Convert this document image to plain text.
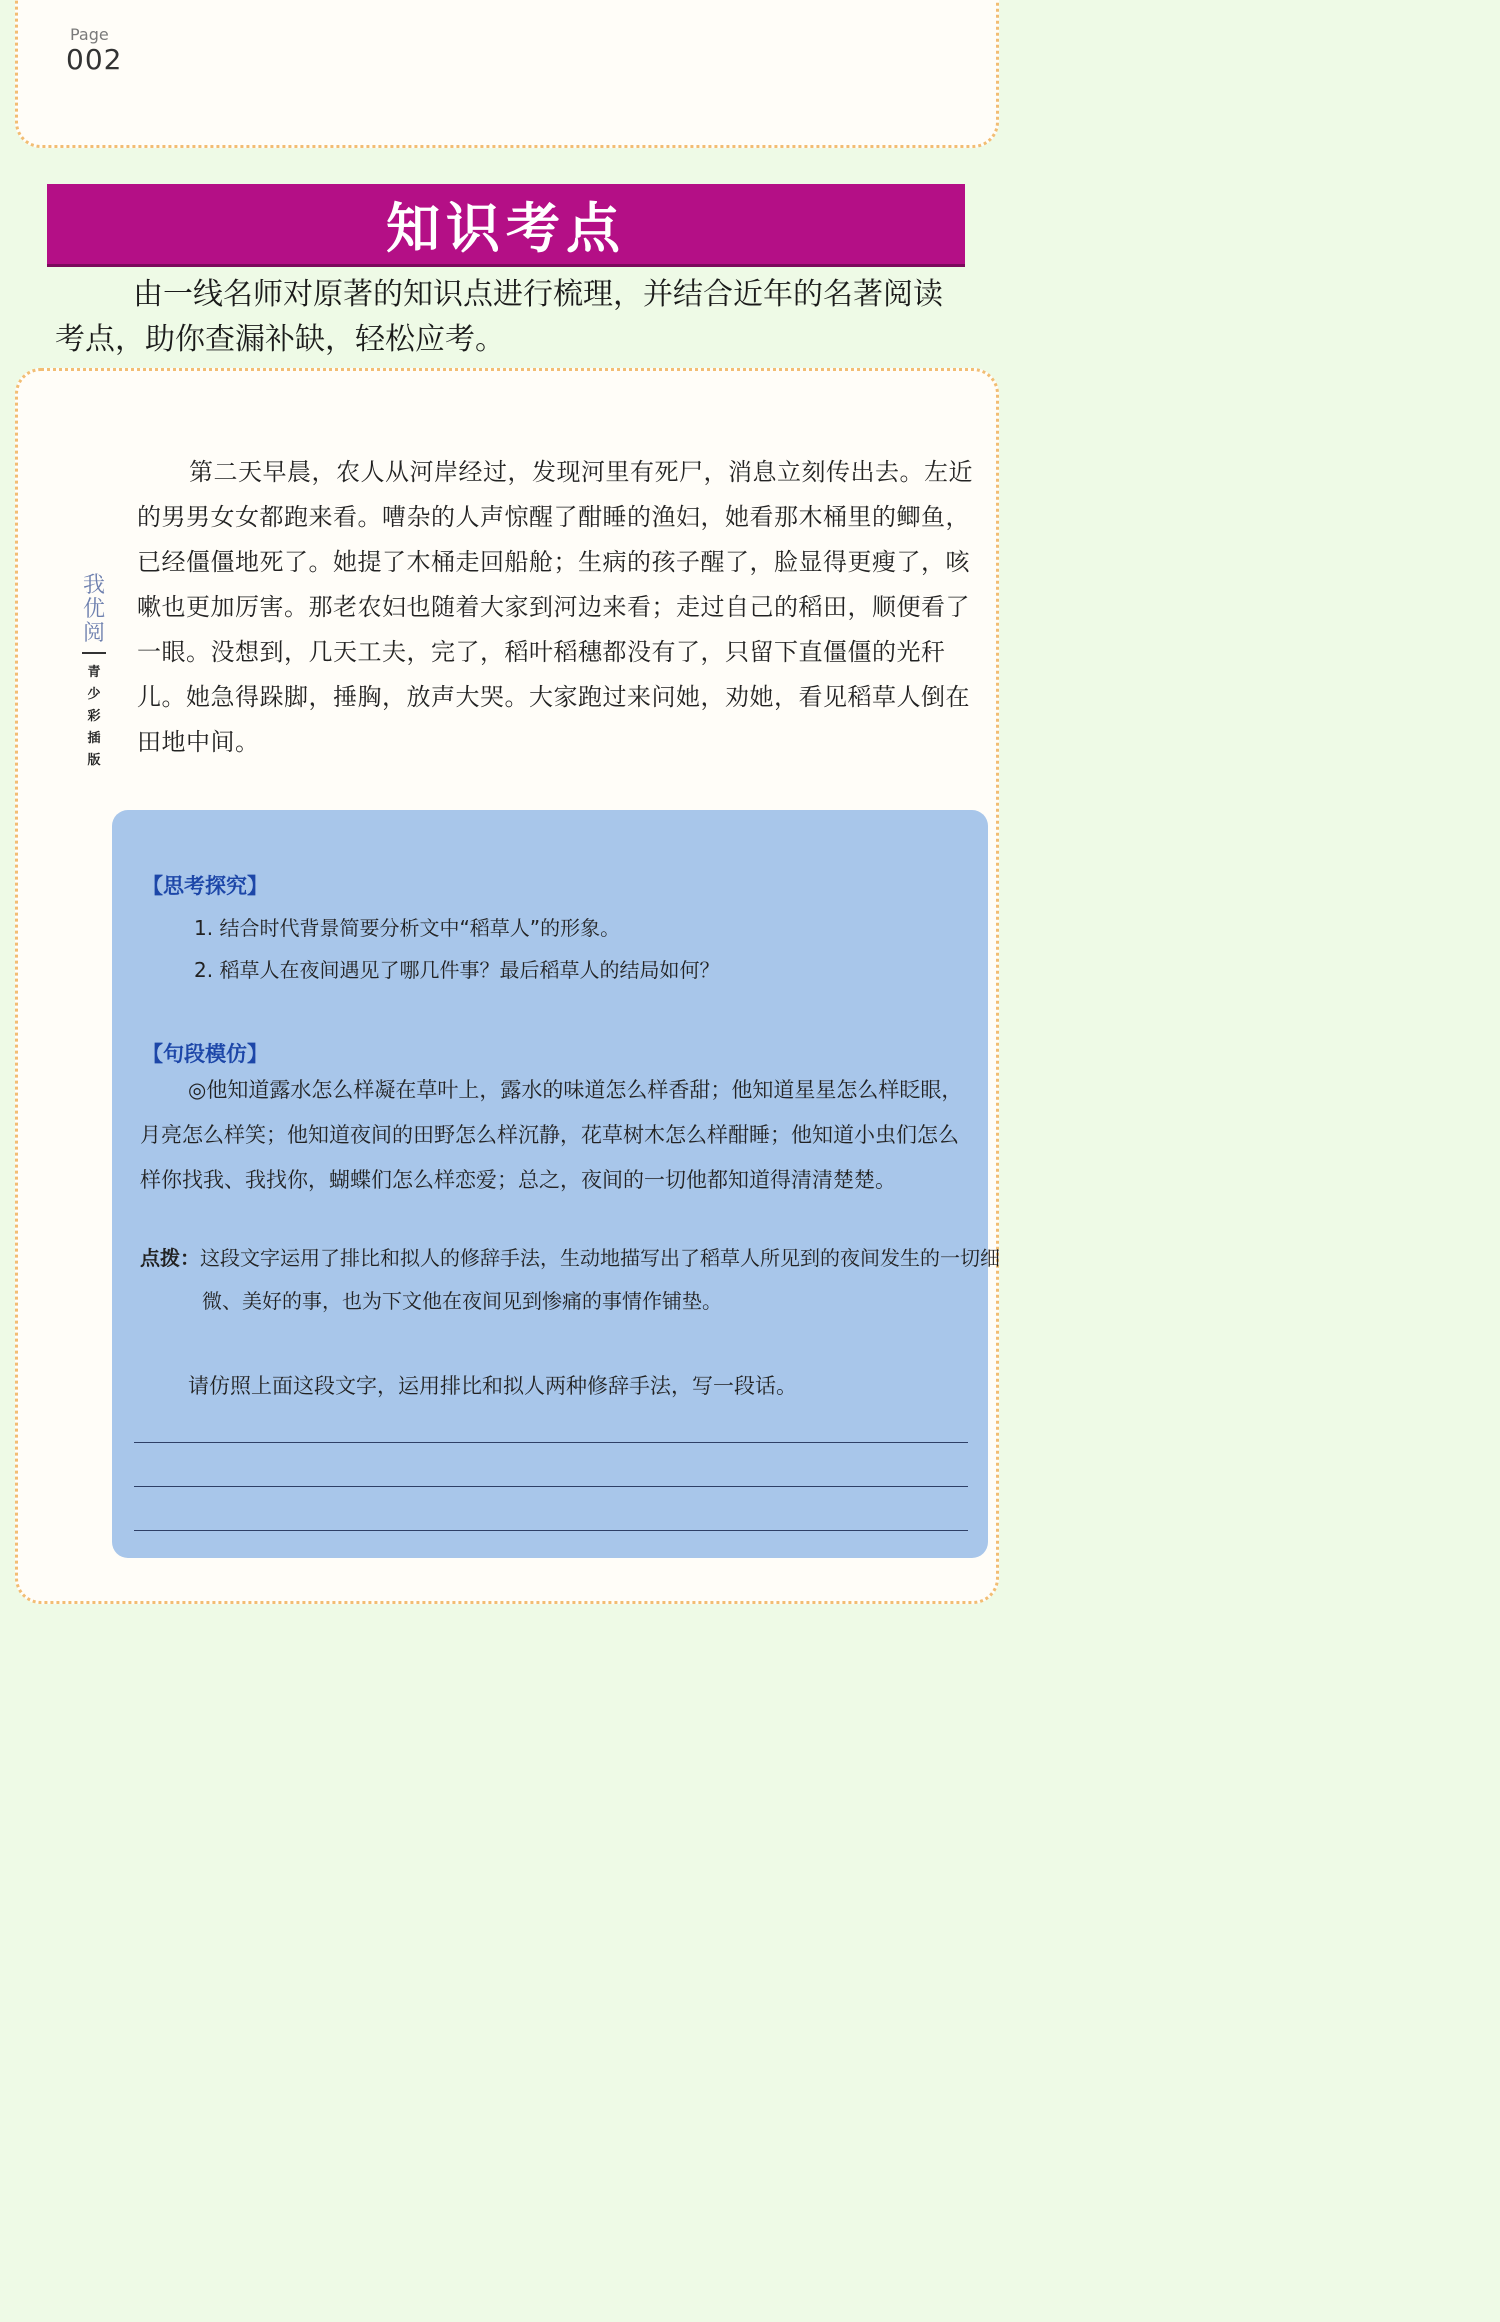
Page
002
知识考点
由一线名师对原著的知识点进行梳理，并结合近年的名著阅读考点，助你查漏补缺，轻松应考。
我优阅
青少彩插版
第二天早晨，农人从河岸经过，发现河里有死尸，消息立刻传出去。左近的男男女女都跑来看。嘈杂的人声惊醒了酣睡的渔妇，她看那木桶里的鲫鱼，已经僵僵地死了。她提了木桶走回船舱；生病的孩子醒了，脸显得更瘦了，咳嗽也更加厉害。那老农妇也随着大家到河边来看；走过自己的稻田，顺便看了一眼。没想到，几天工夫，完了，稻叶稻穗都没有了，只留下直僵僵的光秆儿。她急得跺脚，捶胸，放声大哭。大家跑过来问她，劝她，看见稻草人倒在田地中间。
【思考探究】
1. 结合时代背景简要分析文中“稻草人”的形象。
2. 稻草人在夜间遇见了哪几件事？最后稻草人的结局如何？
【句段模仿】
◎他知道露水怎么样凝在草叶上，露水的味道怎么样香甜；他知道星星怎么样眨眼，月亮怎么样笑；他知道夜间的田野怎么样沉静，花草树木怎么样酣睡；他知道小虫们怎么样你找我、我找你，蝴蝶们怎么样恋爱；总之，夜间的一切他都知道得清清楚楚。
点拨：这段文字运用了排比和拟人的修辞手法，生动地描写出了稻草人所见到的夜间发生的一切细微、美好的事，也为下文他在夜间见到惨痛的事情作铺垫。
请仿照上面这段文字，运用排比和拟人两种修辞手法，写一段话。
